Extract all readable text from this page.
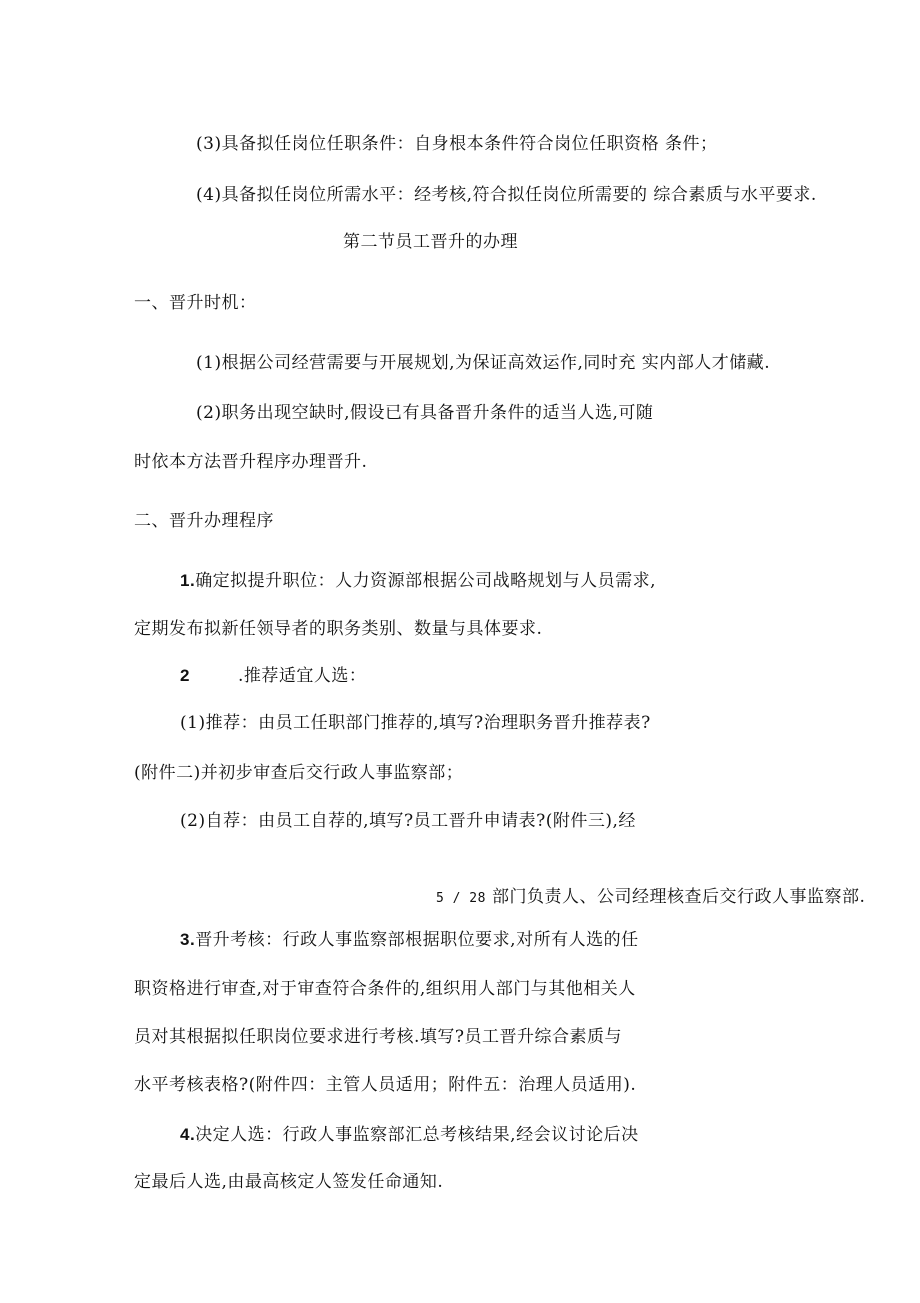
(3)具备拟任岗位任职条件：自身根本条件符合岗位任职资格 条件；
(4)具备拟任岗位所需水平：经考核,符合拟任岗位所需要的 综合素质与水平要求.
第二节员工晋升的办理
一、晋升时机：
(1)根据公司经营需要与开展规划,为保证高效运作,同时充 实内部人才储藏.
(2)职务出现空缺时,假设已有具备晋升条件的适当人选,可随
时依本方法晋升程序办理晋升.
二、晋升办理程序
1.确定拟提升职位：人力资源部根据公司战略规划与人员需求,
定期发布拟新任领导者的职务类别、数量与具体要求.
2	.推荐适宜人选：
(1)推荐：由员工任职部门推荐的,填写?治理职务晋升推荐表?
(附件二)并初步审查后交行政人事监察部；
(2)自荐：由员工自荐的,填写?员工晋升申请表?(附件三),经
5 / 28 部门负责人、公司经理核查后交行政人事监察部.
3.晋升考核：行政人事监察部根据职位要求,对所有人选的任
职资格进行审查,对于审查符合条件的,组织用人部门与其他相关人
员对其根据拟任职岗位要求进行考核.填写?员工晋升综合素质与
水平考核表格?(附件四：主管人员适用；附件五：治理人员适用).
4.决定人选：行政人事监察部汇总考核结果,经会议讨论后决
定最后人选,由最高核定人签发任命通知.
